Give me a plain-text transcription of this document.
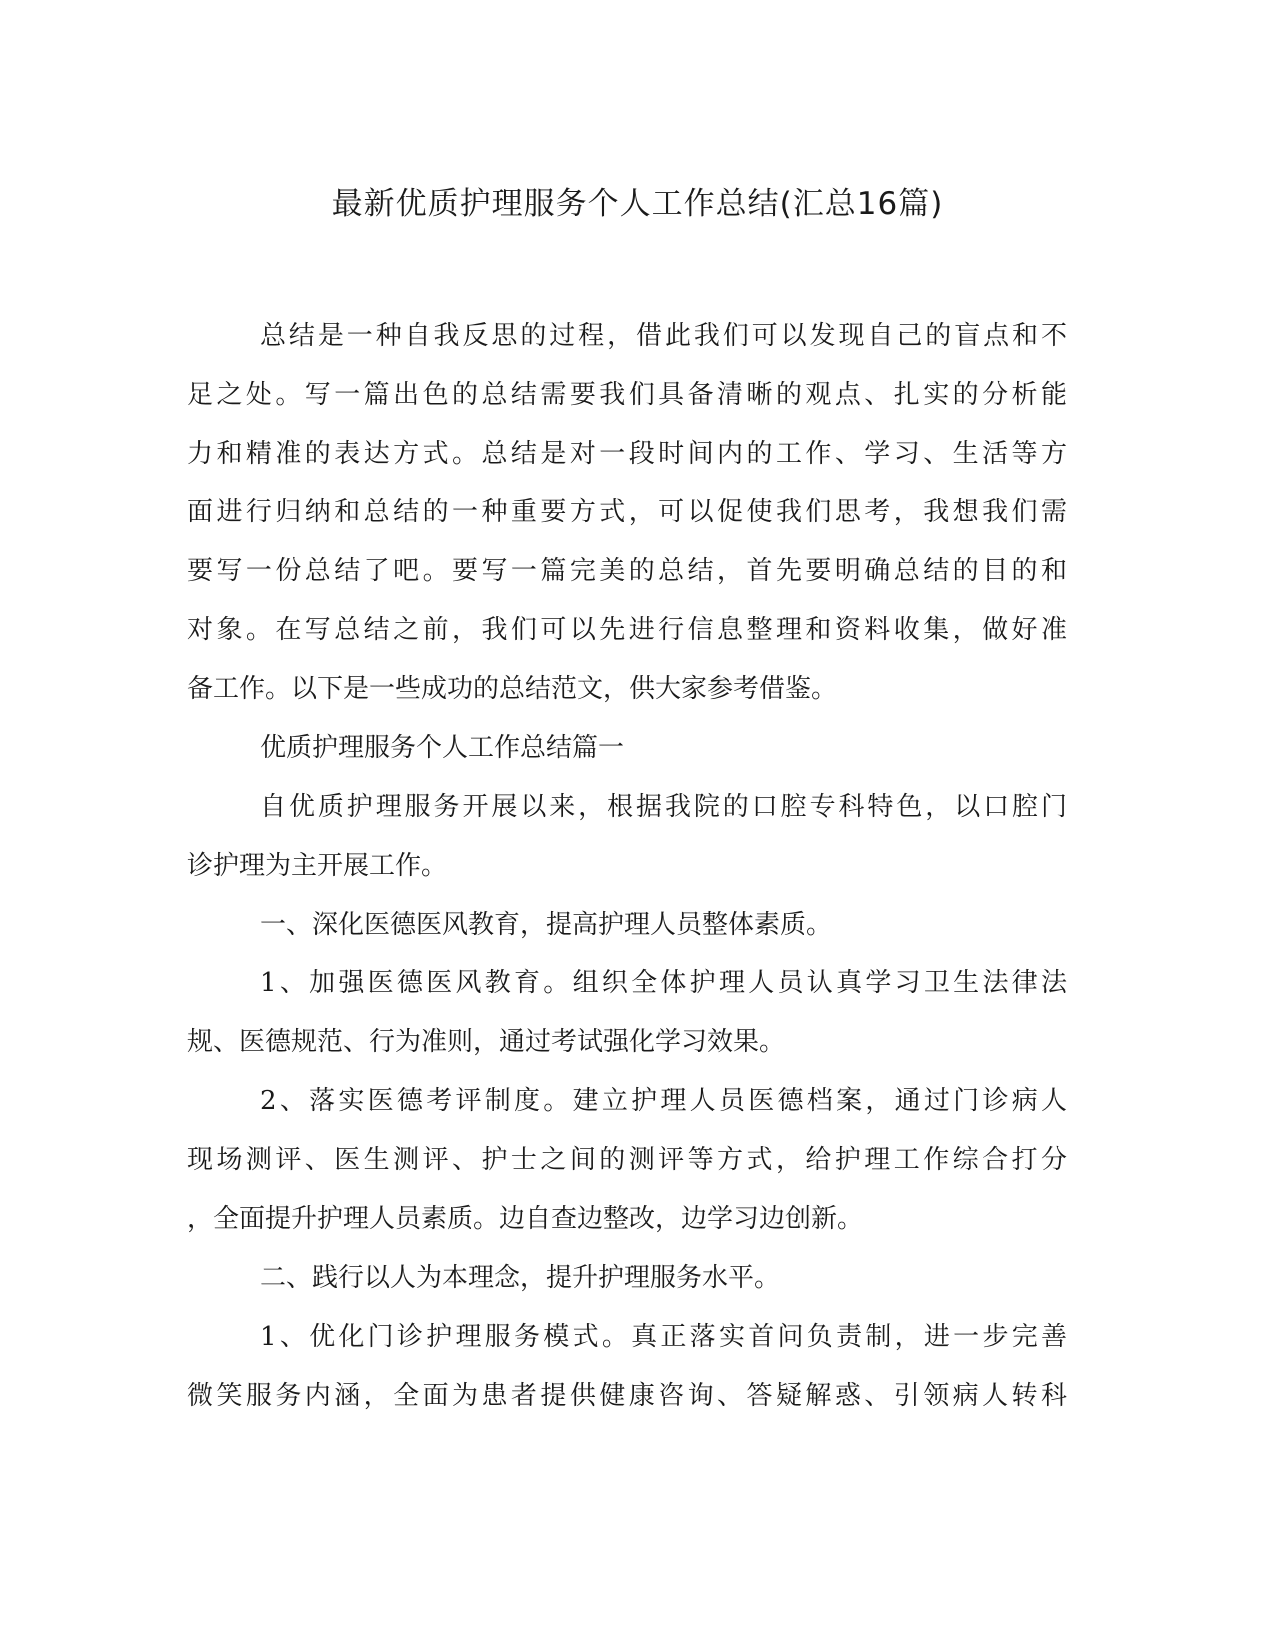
最新优质护理服务个人工作总结(汇总16篇)

总结是一种自我反思的过程，借此我们可以发现自己的盲点和不

足之处。写一篇出色的总结需要我们具备清晰的观点、扎实的分析能

力和精准的表达方式。总结是对一段时间内的工作、学习、生活等方

面进行归纳和总结的一种重要方式，可以促使我们思考，我想我们需

要写一份总结了吧。要写一篇完美的总结，首先要明确总结的目的和

对象。在写总结之前，我们可以先进行信息整理和资料收集，做好准

备工作。以下是一些成功的总结范文，供大家参考借鉴。

优质护理服务个人工作总结篇一

自优质护理服务开展以来，根据我院的口腔专科特色，以口腔门

诊护理为主开展工作。

一、深化医德医风教育，提高护理人员整体素质。

1、加强医德医风教育。组织全体护理人员认真学习卫生法律法

规、医德规范、行为准则，通过考试强化学习效果。

2、落实医德考评制度。建立护理人员医德档案，通过门诊病人

现场测评、医生测评、护士之间的测评等方式，给护理工作综合打分

，全面提升护理人员素质。边自查边整改，边学习边创新。

二、践行以人为本理念，提升护理服务水平。

1、优化门诊护理服务模式。真正落实首问负责制，进一步完善

微笑服务内涵，全面为患者提供健康咨询、答疑解惑、引领病人转科
